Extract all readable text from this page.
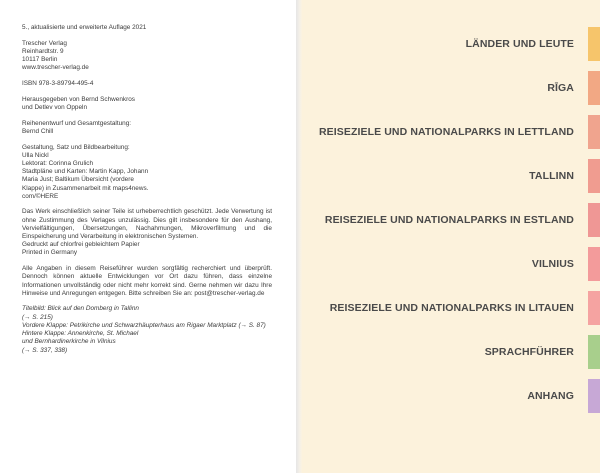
5., aktualisierte und erweiterte Auflage 2021

Trescher Verlag
Reinhardtstr. 9
10117 Berlin
www.trescher-verlag.de

ISBN 978-3-89794-495-4

Herausgegeben von Bernd Schwenkros
und Detlev von Oppeln

Reihenentwurf und Gesamtgestaltung:
Bernd Chill

Gestaltung, Satz und Bildbearbeitung:
Ulla Nickl
Lektorat: Corinna Grulich
Stadtpläne und Karten: Martin Kapp, Johann
Maria Just; Baltikum Übersicht (vordere
Klappe) in Zusammenarbeit mit maps4news.
com/©HERE

Das Werk einschließlich seiner Teile ist urheberrechtlich geschützt. Jede Verwertung ist ohne Zustimmung des Verlages unzulässig. Dies gilt insbesondere für den Aushang, Vervielfältigungen, Übersetzungen, Nachahmungen, Mikroverfilmung und die Einspeicherung und Verarbeitung in elektronischen Systemen.
Gedruckt auf chlorfrei gebleichtem Papier
Printed in Germany

Alle Angaben in diesem Reiseführer wurden sorgfältig recherchiert und überprüft. Dennoch können aktuelle Entwicklungen vor Ort dazu führen, dass einzelne Informationen unvollständig oder nicht mehr korrekt sind. Gerne nehmen wir dazu Ihre Hinweise und Anregungen entgegen. Bitte schreiben Sie an: post@trescher-verlag.de

Titelbild: Blick auf den Domberg in Tallinn
(→ S. 215)
Vordere Klappe: Petrikirche und Schwarzhäupterhaus am Rigaer Marktplatz (→ S. 87)
Hintere Klappe: Annenkirche, St. Michael
und Bernhardinerkirche in Vilnius
(→ S. 337, 338)

LÄNDER UND LEUTE
RĪGA
REISEZIELE UND NATIONALPARKS IN LETTLAND
TALLINN
REISEZIELE UND NATIONALPARKS IN ESTLAND
VILNIUS
REISEZIELE UND NATIONALPARKS IN LITAUEN
SPRACHFÜHRER
ANHANG
